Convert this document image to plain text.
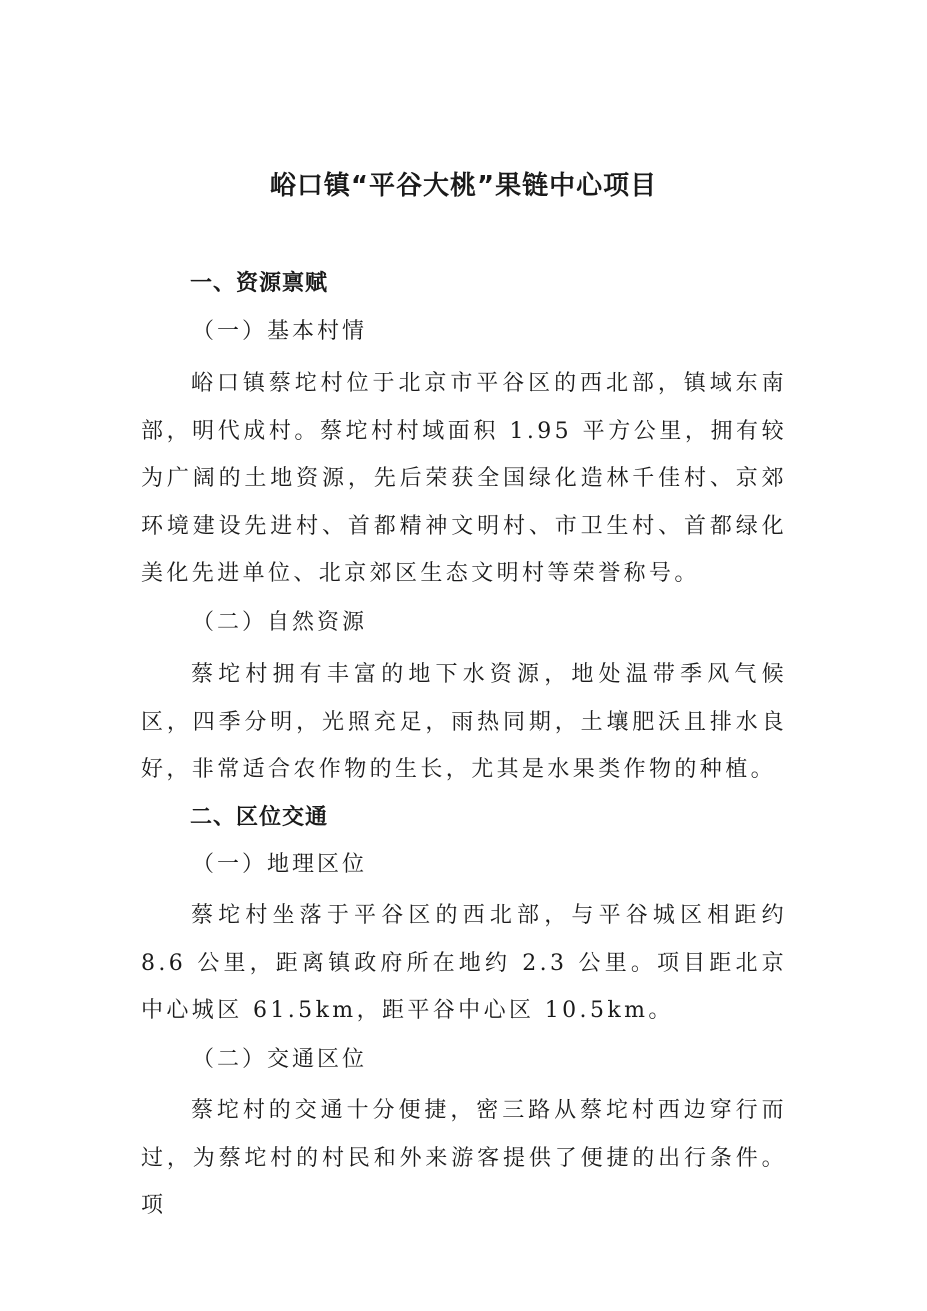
峪口镇“平谷大桃”果链中心项目
一、资源禀赋
（一）基本村情
峪口镇蔡坨村位于北京市平谷区的西北部，镇域东南部，明代成村。蔡坨村村域面积 1.95 平方公里，拥有较为广阔的土地资源，先后荣获全国绿化造林千佳村、京郊环境建设先进村、首都精神文明村、市卫生村、首都绿化美化先进单位、北京郊区生态文明村等荣誉称号。
（二）自然资源
蔡坨村拥有丰富的地下水资源，地处温带季风气候区，四季分明，光照充足，雨热同期，土壤肥沃且排水良好，非常适合农作物的生长，尤其是水果类作物的种植。
二、区位交通
（一）地理区位
蔡坨村坐落于平谷区的西北部，与平谷城区相距约 8.6 公里，距离镇政府所在地约 2.3 公里。项目距北京中心城区 61.5km，距平谷中心区 10.5km。
（二）交通区位
蔡坨村的交通十分便捷，密三路从蔡坨村西边穿行而过，为蔡坨村的村民和外来游客提供了便捷的出行条件。项
